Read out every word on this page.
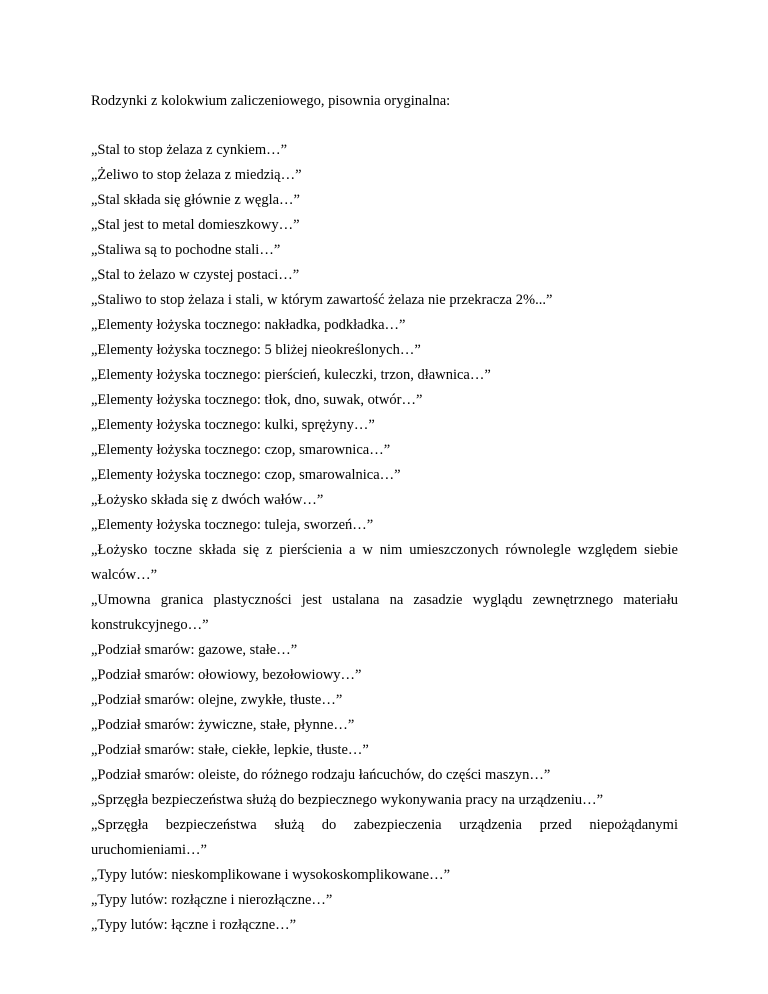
Rodzynki z kolokwium zaliczeniowego, pisownia oryginalna:

„Stal to stop żelaza z cynkiem…”
„Żeliwo to stop żelaza z miedzią…”
„Stal składa się głównie z węgla…”
„Stal jest to metal domieszkowy…”
„Staliwa są to pochodne stali…”
„Stal to żelazo w czystej postaci…”
„Staliwo to stop żelaza i stali, w którym zawartość żelaza nie przekracza 2%...”
„Elementy łożyska tocznego: nakładka, podkładka…”
„Elementy łożyska tocznego: 5 bliżej nieokreślonych…”
„Elementy łożyska tocznego: pierścień, kuleczki, trzon, dławnica…”
„Elementy łożyska tocznego: tłok, dno, suwak, otwór…”
„Elementy łożyska tocznego: kulki, sprężyny…”
„Elementy łożyska tocznego: czop, smarownica…”
„Elementy łożyska tocznego: czop, smarowalnica…”
„Łożysko składa się z dwóch wałów…”
„Elementy łożyska tocznego: tuleja, sworzeń…”
„Łożysko toczne składa się z pierścienia a w nim umieszczonych równolegle względem siebie walców…”
„Umowna granica plastyczności jest ustalana na zasadzie wyglądu zewnętrznego materiału konstrukcyjnego…”
„Podział smarów: gazowe, stałe…”
„Podział smarów: ołowiowy, bezołowiowy…”
„Podział smarów: olejne, zwykłe, tłuste…”
„Podział smarów: żywiczne, stałe, płynne…”
„Podział smarów: stałe, ciekłe, lepkie, tłuste…”
„Podział smarów: oleiste, do różnego rodzaju łańcuchów, do części maszyn…”
„Sprzęgła bezpieczeństwa służą do bezpiecznego wykonywania pracy na urządzeniu…”
„Sprzęgła bezpieczeństwa służą do zabezpieczenia urządzenia przed niepożądanymi uruchomieniami…”
„Typy lutów: nieskomplikowane i wysokoskomplikowane…”
„Typy lutów: rozłączne i nierozłączne…”
„Typy lutów: łączne i rozłączne…”
